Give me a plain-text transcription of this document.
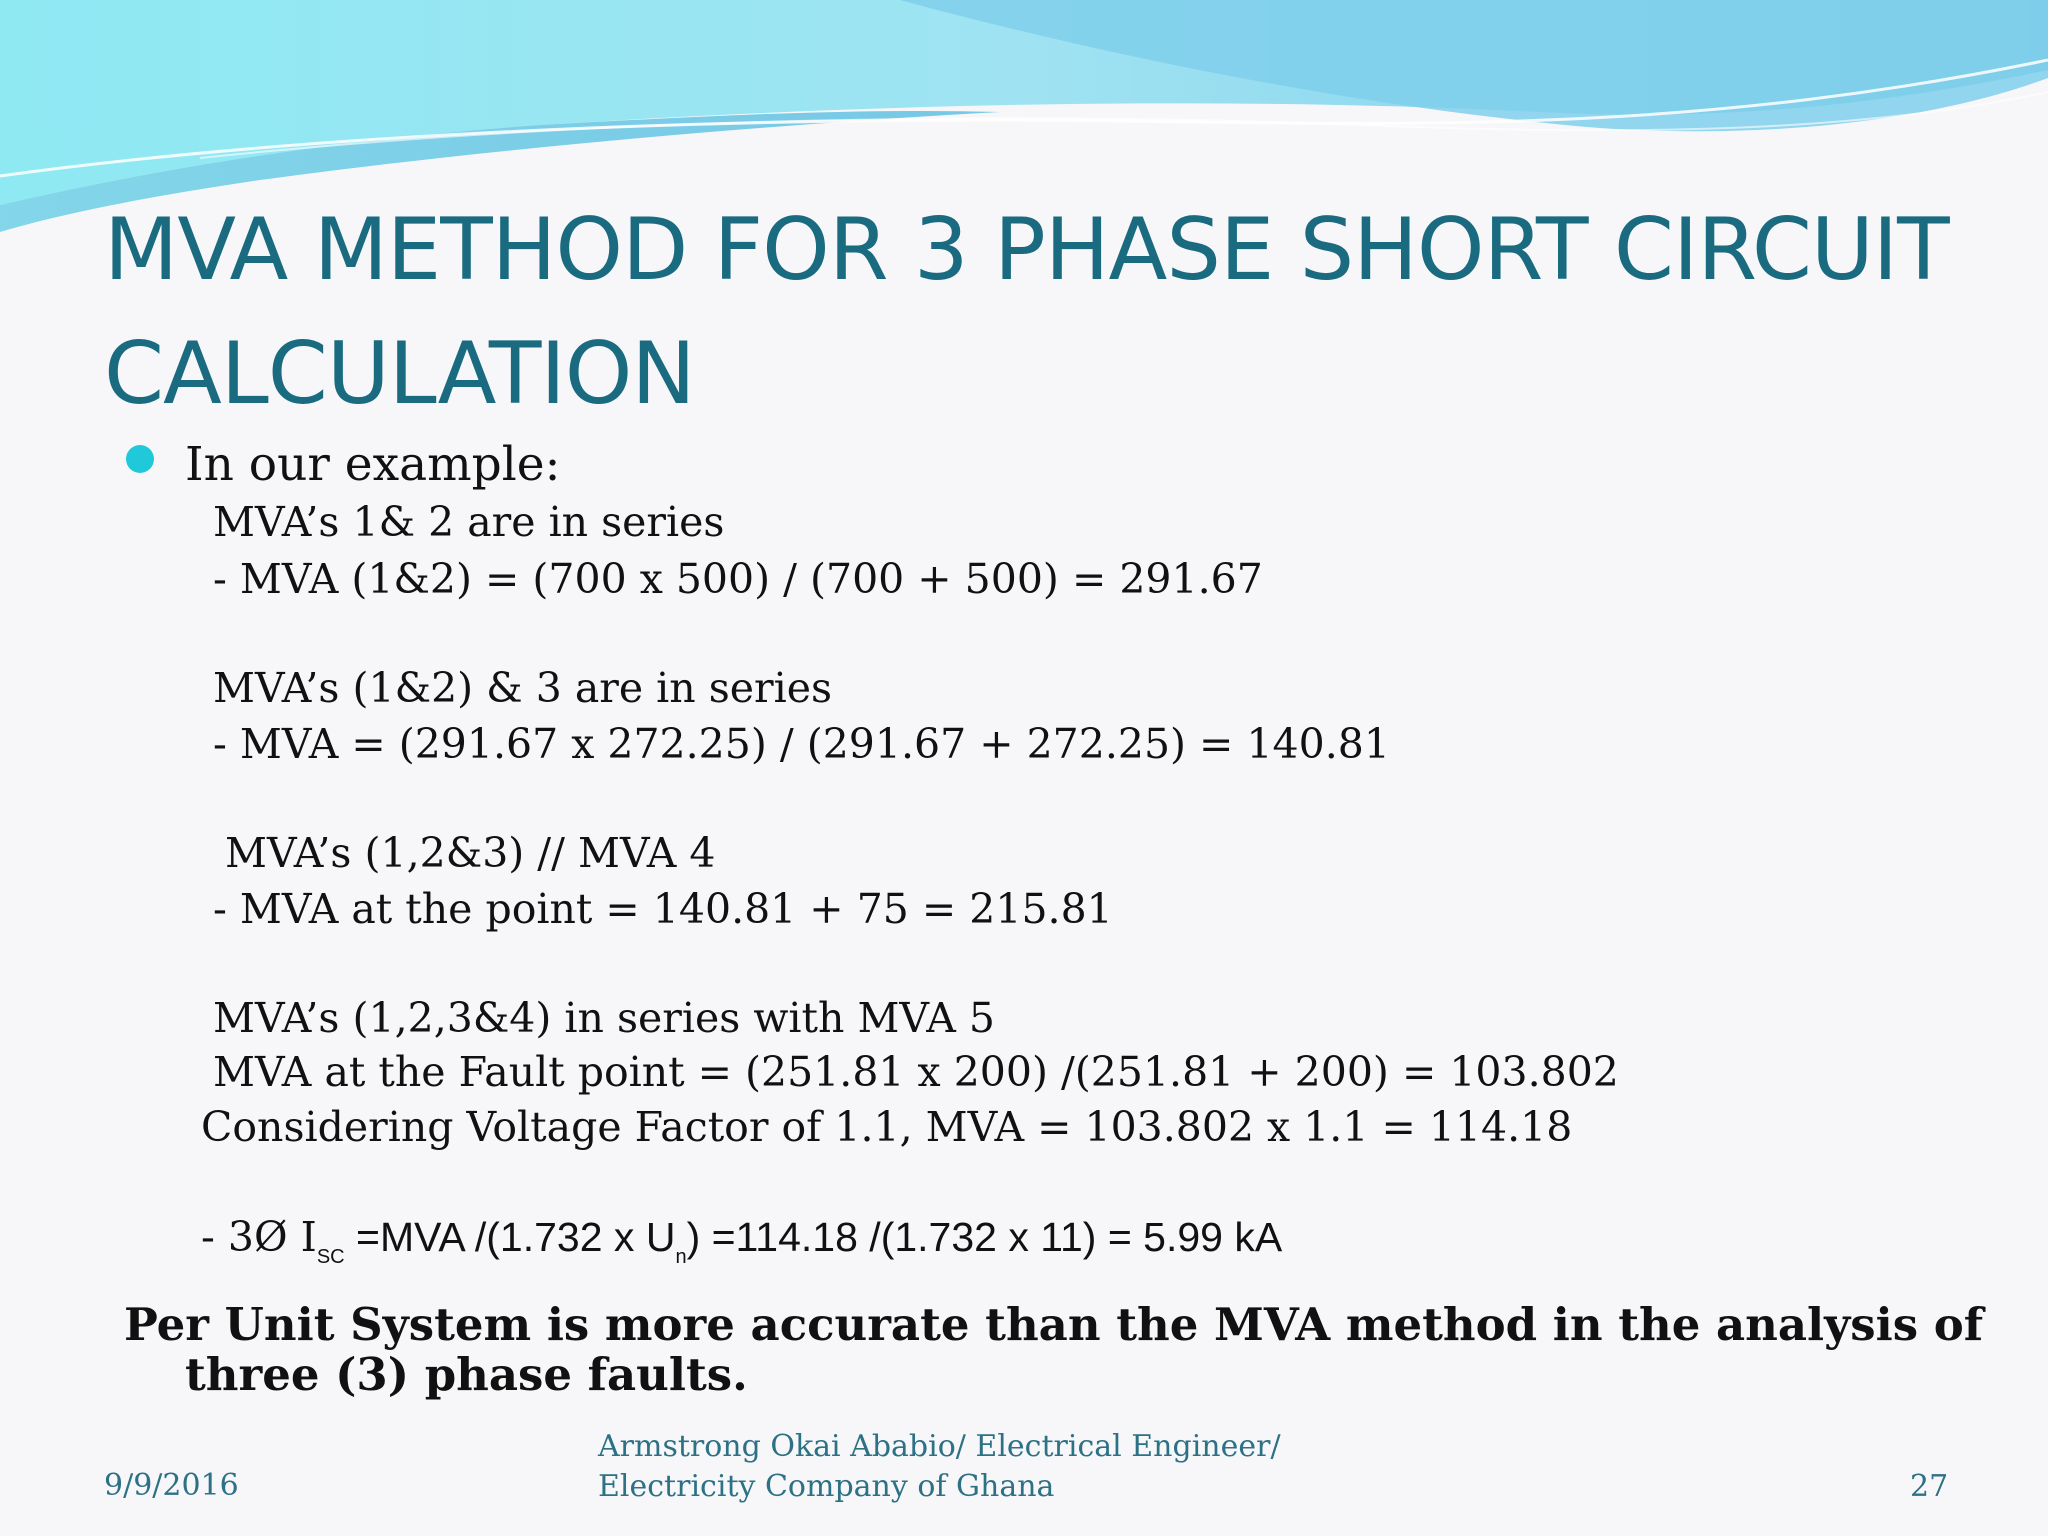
MVA METHOD FOR 3 PHASE SHORT CIRCUIT CALCULATION
In our example:
MVA’s 1& 2 are in series
- MVA (1&2) = (700 x 500) / (700 + 500) = 291.67
MVA’s (1&2) & 3 are in series
- MVA = (291.67 x 272.25) / (291.67 + 272.25) = 140.81
MVA’s (1,2&3) // MVA 4
- MVA at the point = 140.81 + 75 = 215.81
MVA’s (1,2,3&4) in series with MVA 5
MVA at the Fault point = (251.81 x 200) /(251.81 + 200) = 103.802
Considering Voltage Factor of 1.1, MVA = 103.802 x 1.1 = 114.18
- 3Ø $I_{SC} =MVA$ /(1.732 x $U_n) =114.18$ /(1.732 x 11) = 5.99 kA

Per Unit System is more accurate than the MVA method in the analysis of three (3) phase faults.

9/9/2016
Armstrong Okai Ababio/ Electrical Engineer/
Electricity Company of Ghana	27
